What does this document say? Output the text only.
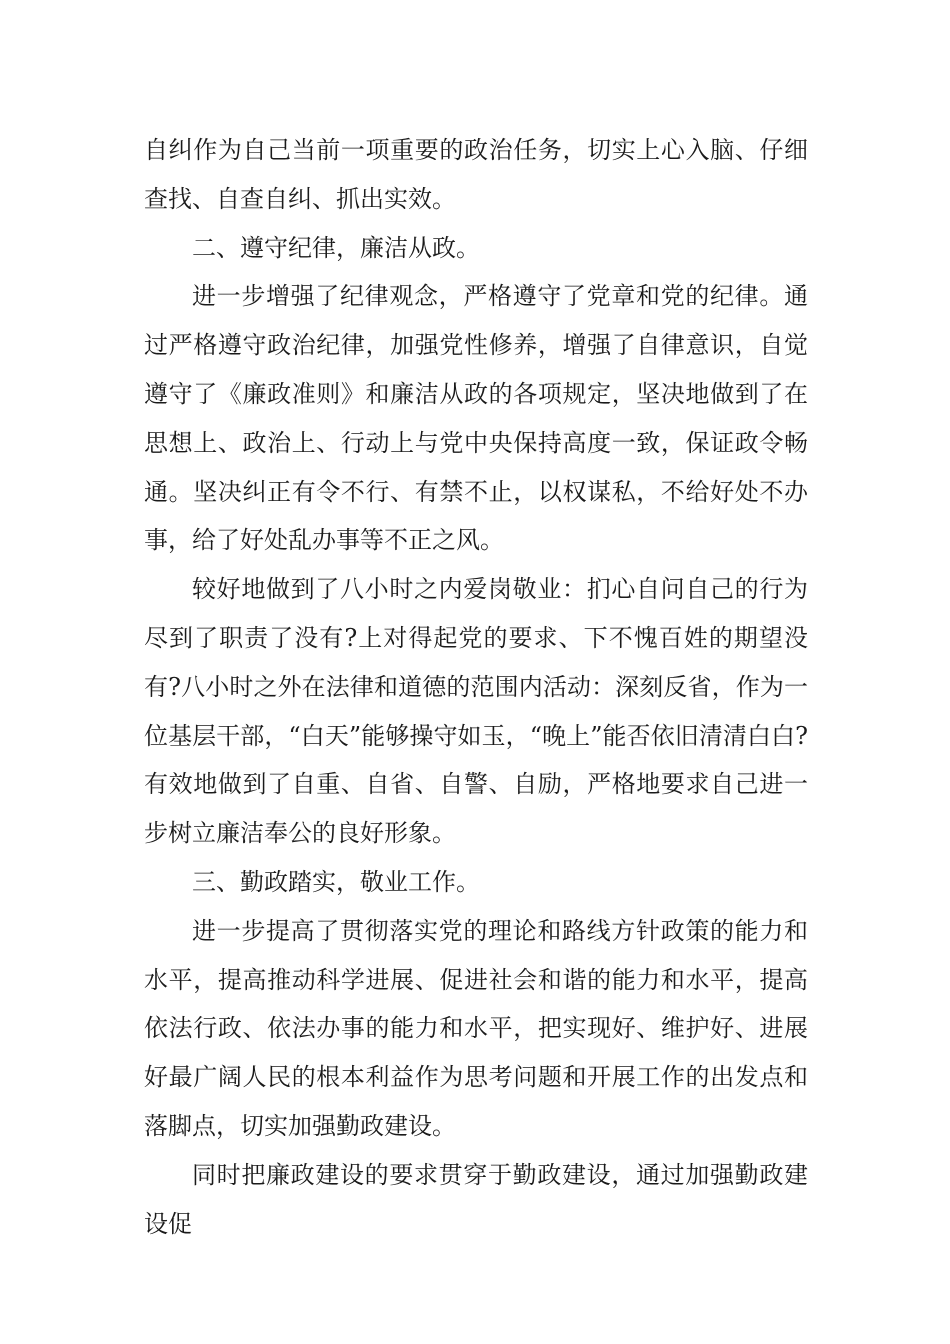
自纠作为自己当前一项重要的政治任务，切实上心入脑、仔细查找、自查自纠、抓出实效。

二、遵守纪律，廉洁从政。

进一步增强了纪律观念，严格遵守了党章和党的纪律。通过严格遵守政治纪律，加强党性修养，增强了自律意识，自觉遵守了《廉政准则》和廉洁从政的各项规定，坚决地做到了在思想上、政治上、行动上与党中央保持高度一致，保证政令畅通。坚决纠正有令不行、有禁不止，以权谋私，不给好处不办事，给了好处乱办事等不正之风。

较好地做到了八小时之内爱岗敬业：扪心自问自己的行为尽到了职责了没有?上对得起党的要求、下不愧百姓的期望没有?八小时之外在法律和道德的范围内活动：深刻反省，作为一位基层干部，“白天”能够操守如玉，“晚上”能否依旧清清白白?有效地做到了自重、自省、自警、自励，严格地要求自己进一步树立廉洁奉公的良好形象。

三、勤政踏实，敬业工作。

进一步提高了贯彻落实党的理论和路线方针政策的能力和水平，提高推动科学进展、促进社会和谐的能力和水平，提高依法行政、依法办事的能力和水平，把实现好、维护好、进展好最广阔人民的根本利益作为思考问题和开展工作的出发点和落脚点，切实加强勤政建设。

同时把廉政建设的要求贯穿于勤政建设，通过加强勤政建设促
